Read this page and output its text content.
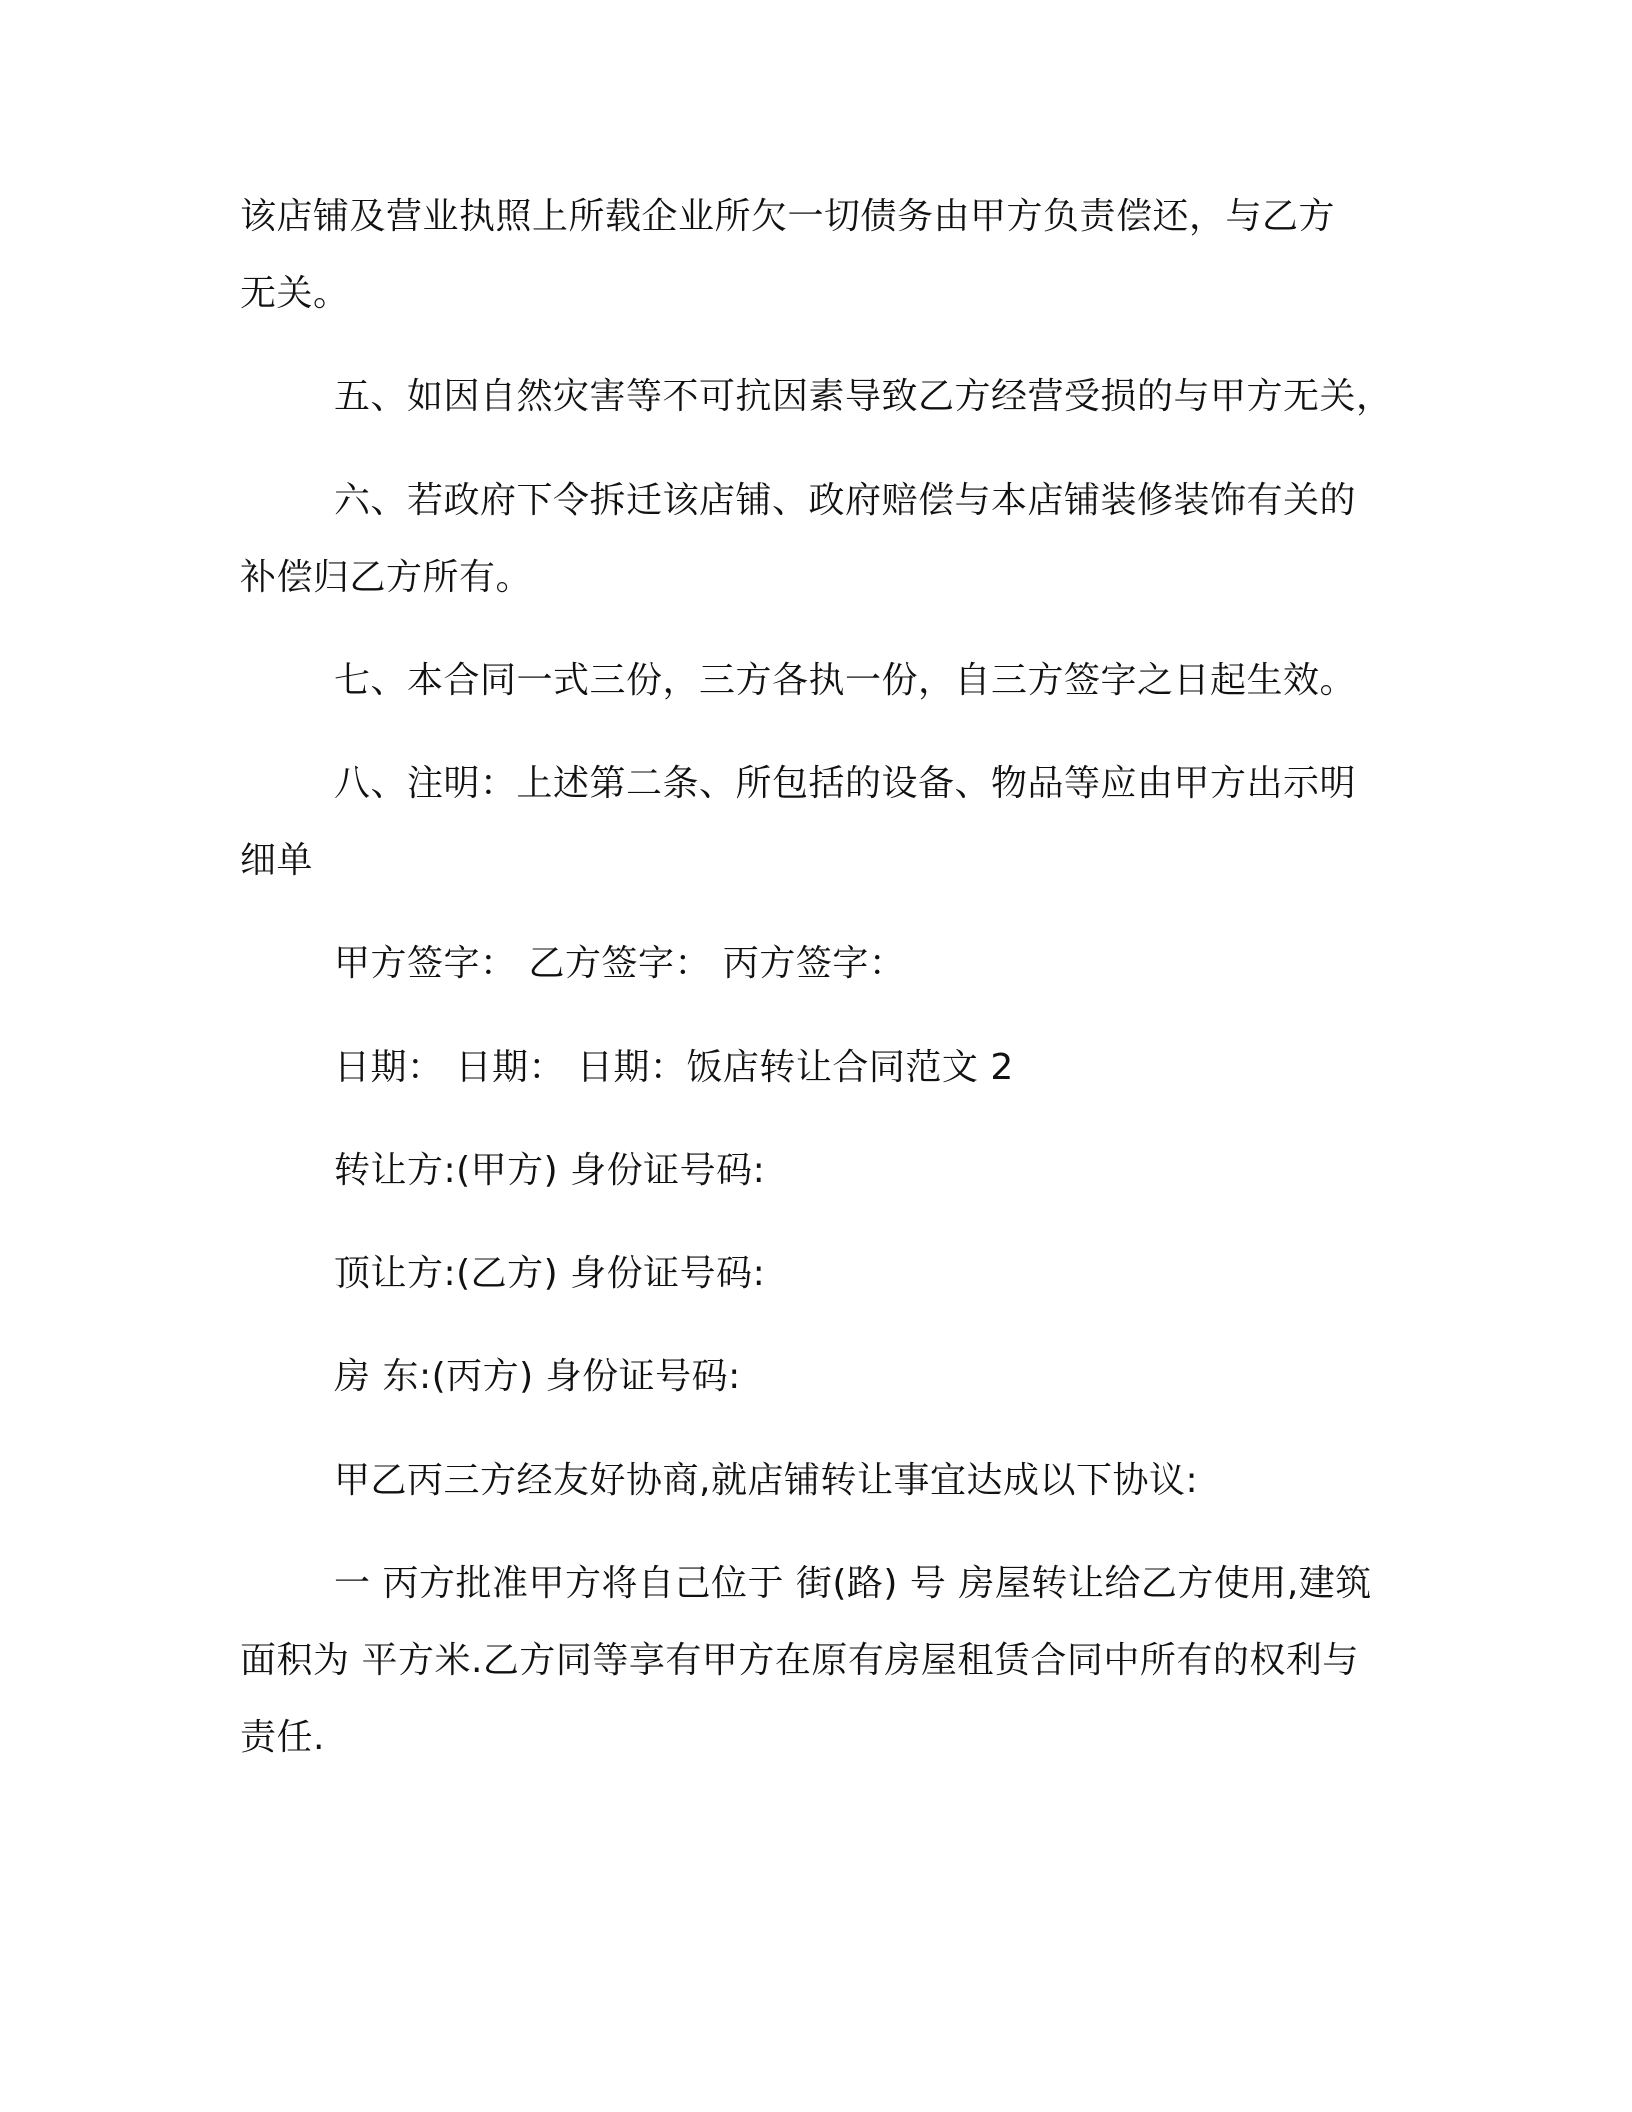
该店铺及营业执照上所载企业所欠一切债务由甲方负责偿还，与乙方
无关。
五、如因自然灾害等不可抗因素导致乙方经营受损的与甲方无关，
六、若政府下令拆迁该店铺、政府赔偿与本店铺装修装饰有关的
补偿归乙方所有。
七、本合同一式三份，三方各执一份，自三方签字之日起生效。
八、注明：上述第二条、所包括的设备、物品等应由甲方出示明
细单
甲方签字： 乙方签字： 丙方签字：
日期： 日期： 日期：饭店转让合同范文 2
转让方:(甲方) 身份证号码:
顶让方:(乙方) 身份证号码:
房 东:(丙方) 身份证号码:
甲乙丙三方经友好协商,就店铺转让事宜达成以下协议:
一 丙方批准甲方将自己位于 街(路) 号 房屋转让给乙方使用,建筑
面积为 平方米.乙方同等享有甲方在原有房屋租赁合同中所有的权利与
责任.
